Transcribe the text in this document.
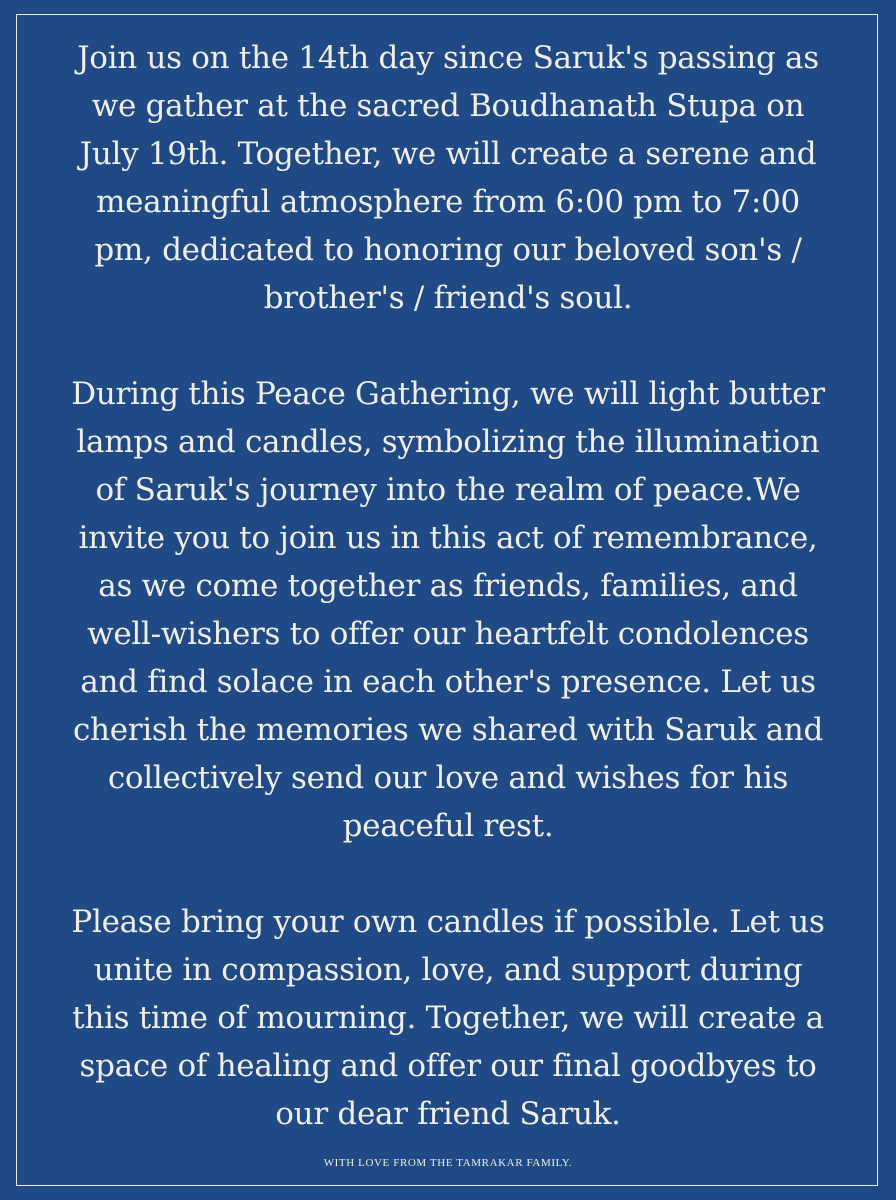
Join us on the 14th day since Saruk's passing as we gather at the sacred Boudhanath Stupa on July 19th. Together, we will create a serene and meaningful atmosphere from 6:00 pm to 7:00 pm, dedicated to honoring our beloved son's / brother's / friend's soul.

During this Peace Gathering, we will light butter lamps and candles, symbolizing the illumination of Saruk's journey into the realm of peace.We invite you to join us in this act of remembrance, as we come together as friends, families, and well-wishers to offer our heartfelt condolences and find solace in each other's presence. Let us cherish the memories we shared with Saruk and collectively send our love and wishes for his peaceful rest.

Please bring your own candles if possible. Let us unite in compassion, love, and support during this time of mourning. Together, we will create a space of healing and offer our final goodbyes to our dear friend Saruk.

WITH LOVE FROM THE TAMRAKAR FAMILY.
